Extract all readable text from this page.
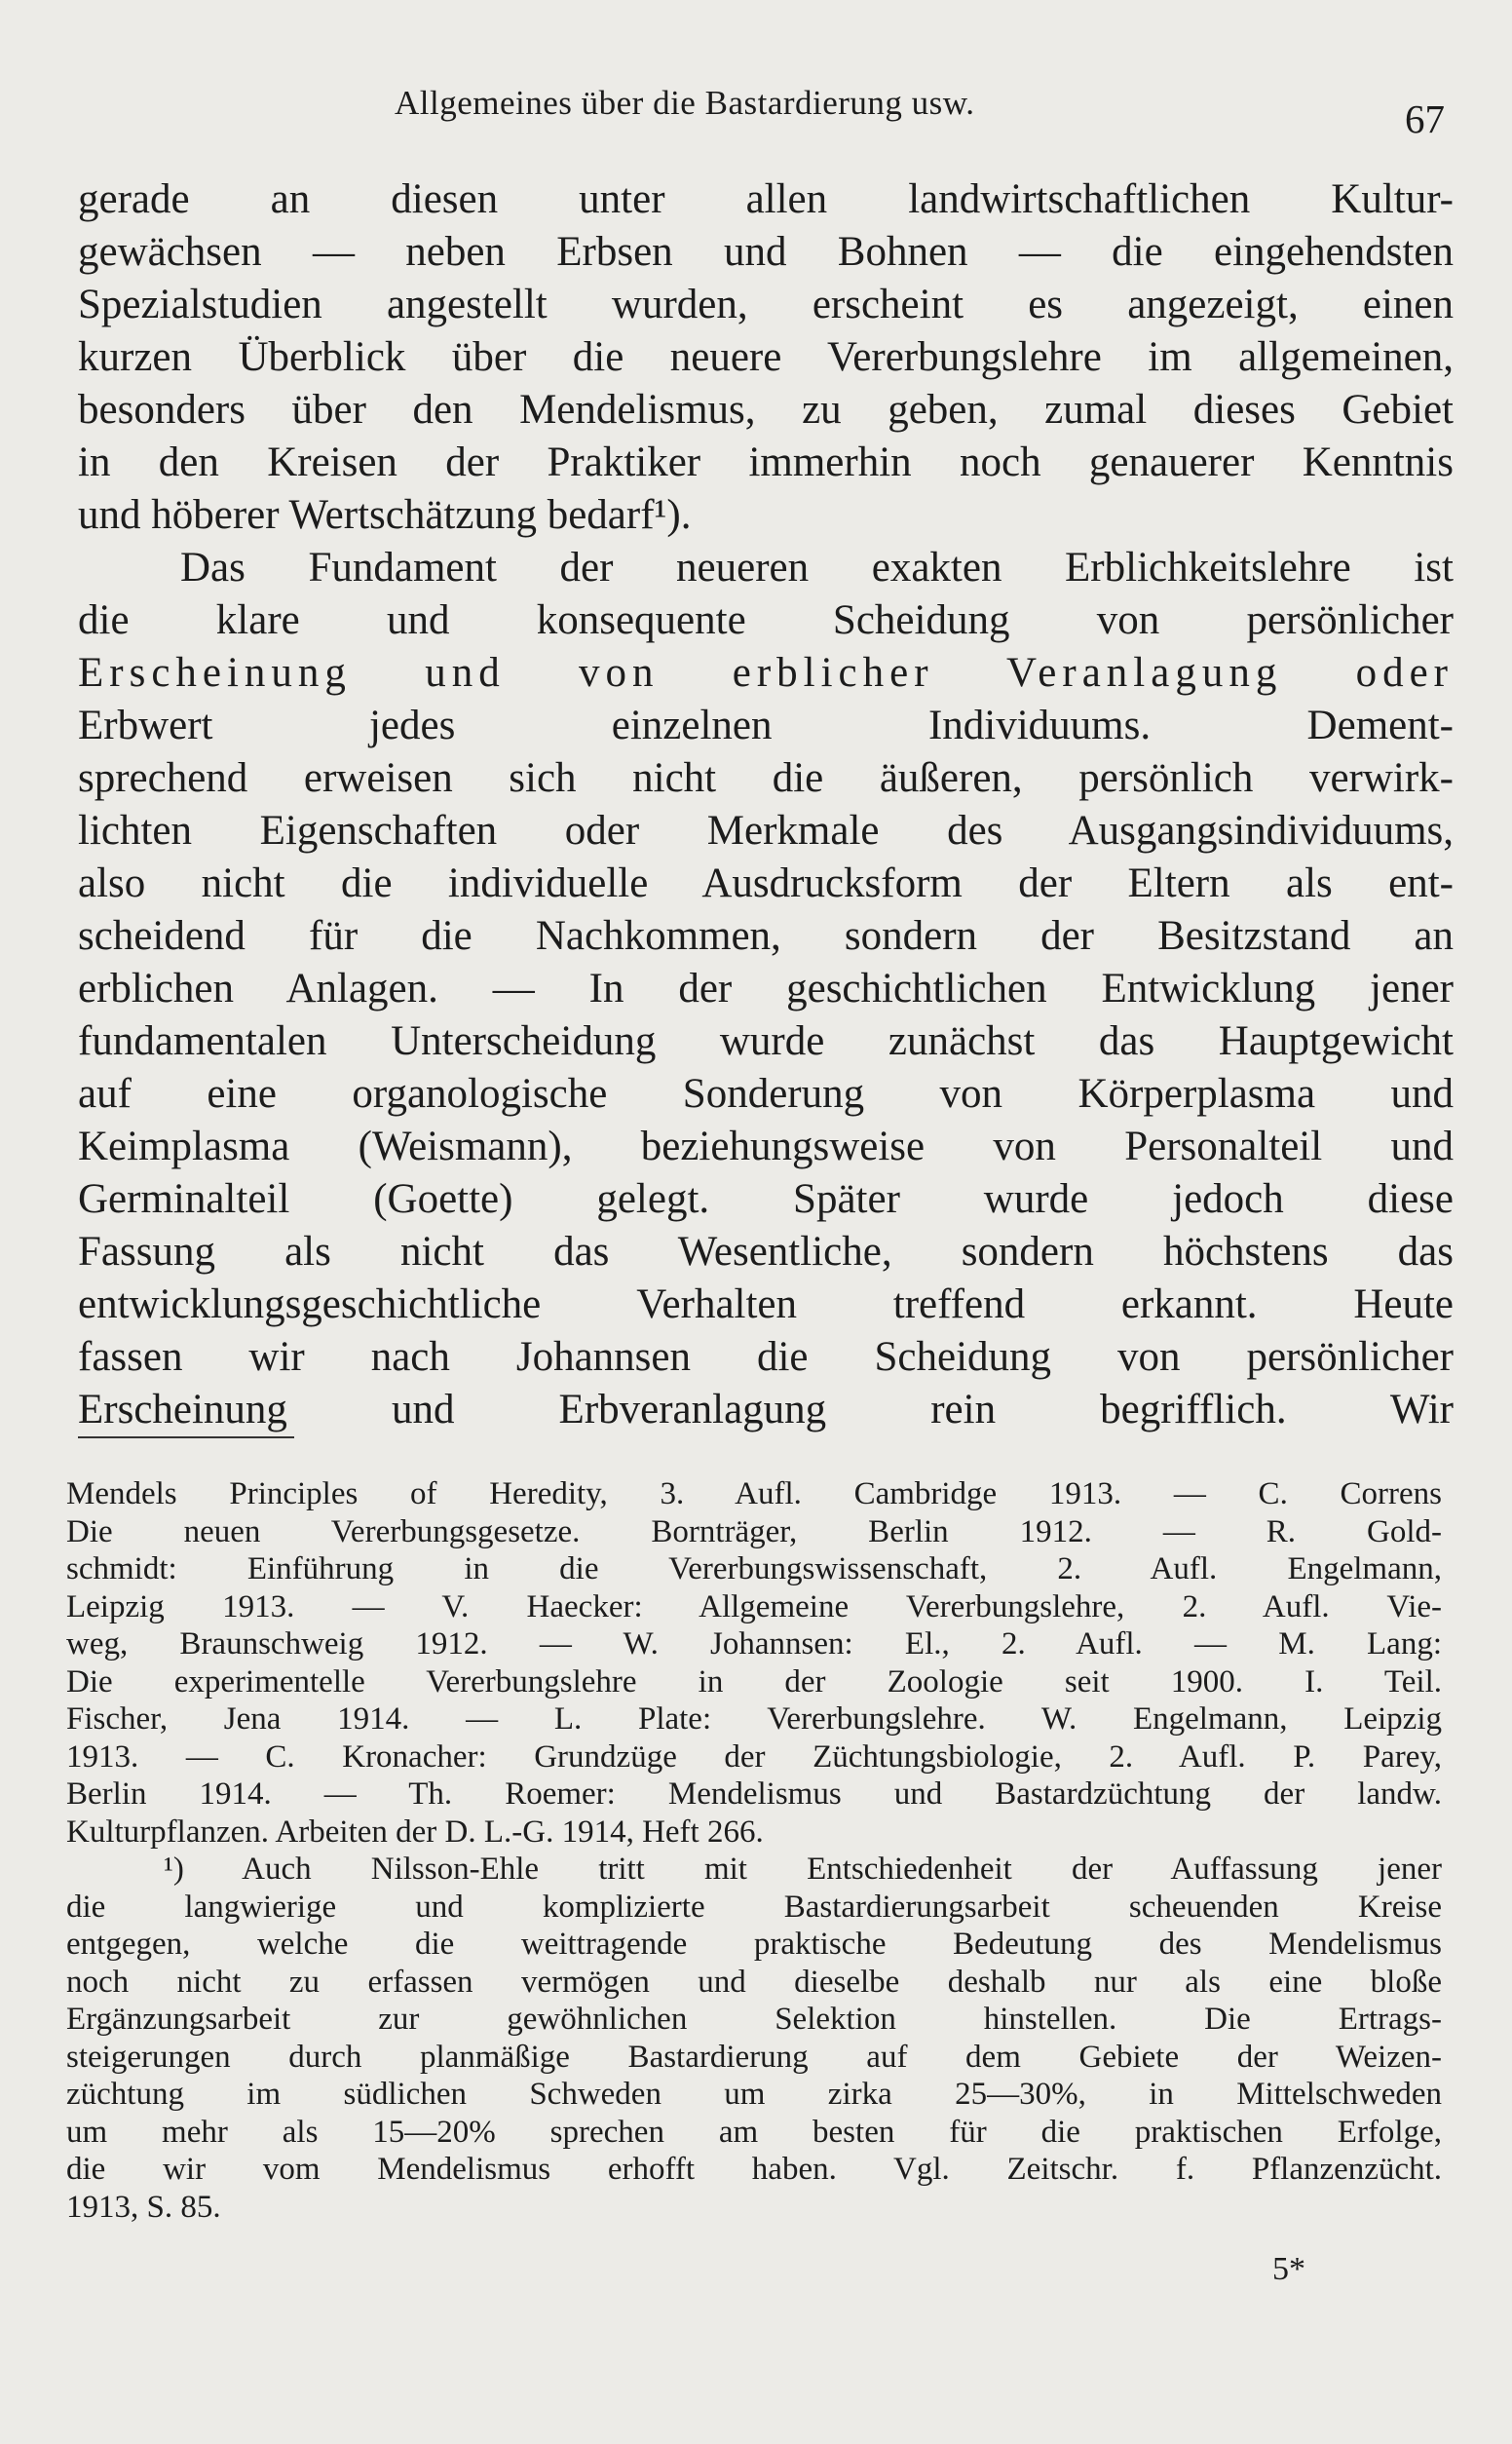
Allgemeines über die Bastardierung usw.	67
gerade an diesen unter allen landwirtschaftlichen Kultur-
gewächsen — neben Erbsen und Bohnen — die eingehendsten
Spezialstudien angestellt wurden, erscheint es angezeigt, einen
kurzen Überblick über die neuere Vererbungslehre im allgemeinen,
besonders über den Mendelismus, zu geben, zumal dieses Gebiet
in den Kreisen der Praktiker immerhin noch genauerer Kenntnis
und höberer Wertschätzung bedarf¹).
Das Fundament der neueren exakten Erblichkeitslehre ist
die klare und konsequente Scheidung von persönlicher
Erscheinung und von erblicher Veranlagung oder
Erbwert jedes einzelnen Individuums. Dement-
sprechend erweisen sich nicht die äußeren, persönlich verwirk-
lichten Eigenschaften oder Merkmale des Ausgangsindividuums,
also nicht die individuelle Ausdrucksform der Eltern als ent-
scheidend für die Nachkommen, sondern der Besitzstand an
erblichen Anlagen. — In der geschichtlichen Entwicklung jener
fundamentalen Unterscheidung wurde zunächst das Hauptgewicht
auf eine organologische Sonderung von Körperplasma und
Keimplasma (Weismann), beziehungsweise von Personalteil und
Germinalteil (Goette) gelegt. Später wurde jedoch diese
Fassung als nicht das Wesentliche, sondern höchstens das
entwicklungsgeschichtliche Verhalten treffend erkannt. Heute
fassen wir nach Johannsen die Scheidung von persönlicher
Erscheinung und Erbveranlagung rein begrifflich. Wir
Mendels Principles of Heredity, 3. Aufl. Cambridge 1913. — C. Correns
Die neuen Vererbungsgesetze. Bornträger, Berlin 1912. — R. Gold-
schmidt: Einführung in die Vererbungswissenschaft, 2. Aufl. Engelmann,
Leipzig 1913. — V. Haecker: Allgemeine Vererbungslehre, 2. Aufl. Vie-
weg, Braunschweig 1912. — W. Johannsen: El., 2. Aufl. — M. Lang:
Die experimentelle Vererbungslehre in der Zoologie seit 1900. I. Teil.
Fischer, Jena 1914. — L. Plate: Vererbungslehre. W. Engelmann, Leipzig
1913. — C. Kronacher: Grundzüge der Züchtungsbiologie, 2. Aufl. P. Parey,
Berlin 1914. — Th. Roemer: Mendelismus und Bastardzüchtung der landw.
Kulturpflanzen. Arbeiten der D. L.-G. 1914, Heft 266.
¹) Auch Nilsson-Ehle tritt mit Entschiedenheit der Auffassung jener
die langwierige und komplizierte Bastardierungsarbeit scheuenden Kreise
entgegen, welche die weittragende praktische Bedeutung des Mendelismus
noch nicht zu erfassen vermögen und dieselbe deshalb nur als eine bloße
Ergänzungsarbeit zur gewöhnlichen Selektion hinstellen. Die Ertrags-
steigerungen durch planmäßige Bastardierung auf dem Gebiete der Weizen-
züchtung im südlichen Schweden um zirka 25—30%, in Mittelschweden
um mehr als 15—20% sprechen am besten für die praktischen Erfolge,
die wir vom Mendelismus erhofft haben. Vgl. Zeitschr. f. Pflanzenzücht.
1913, S. 85.
5*
